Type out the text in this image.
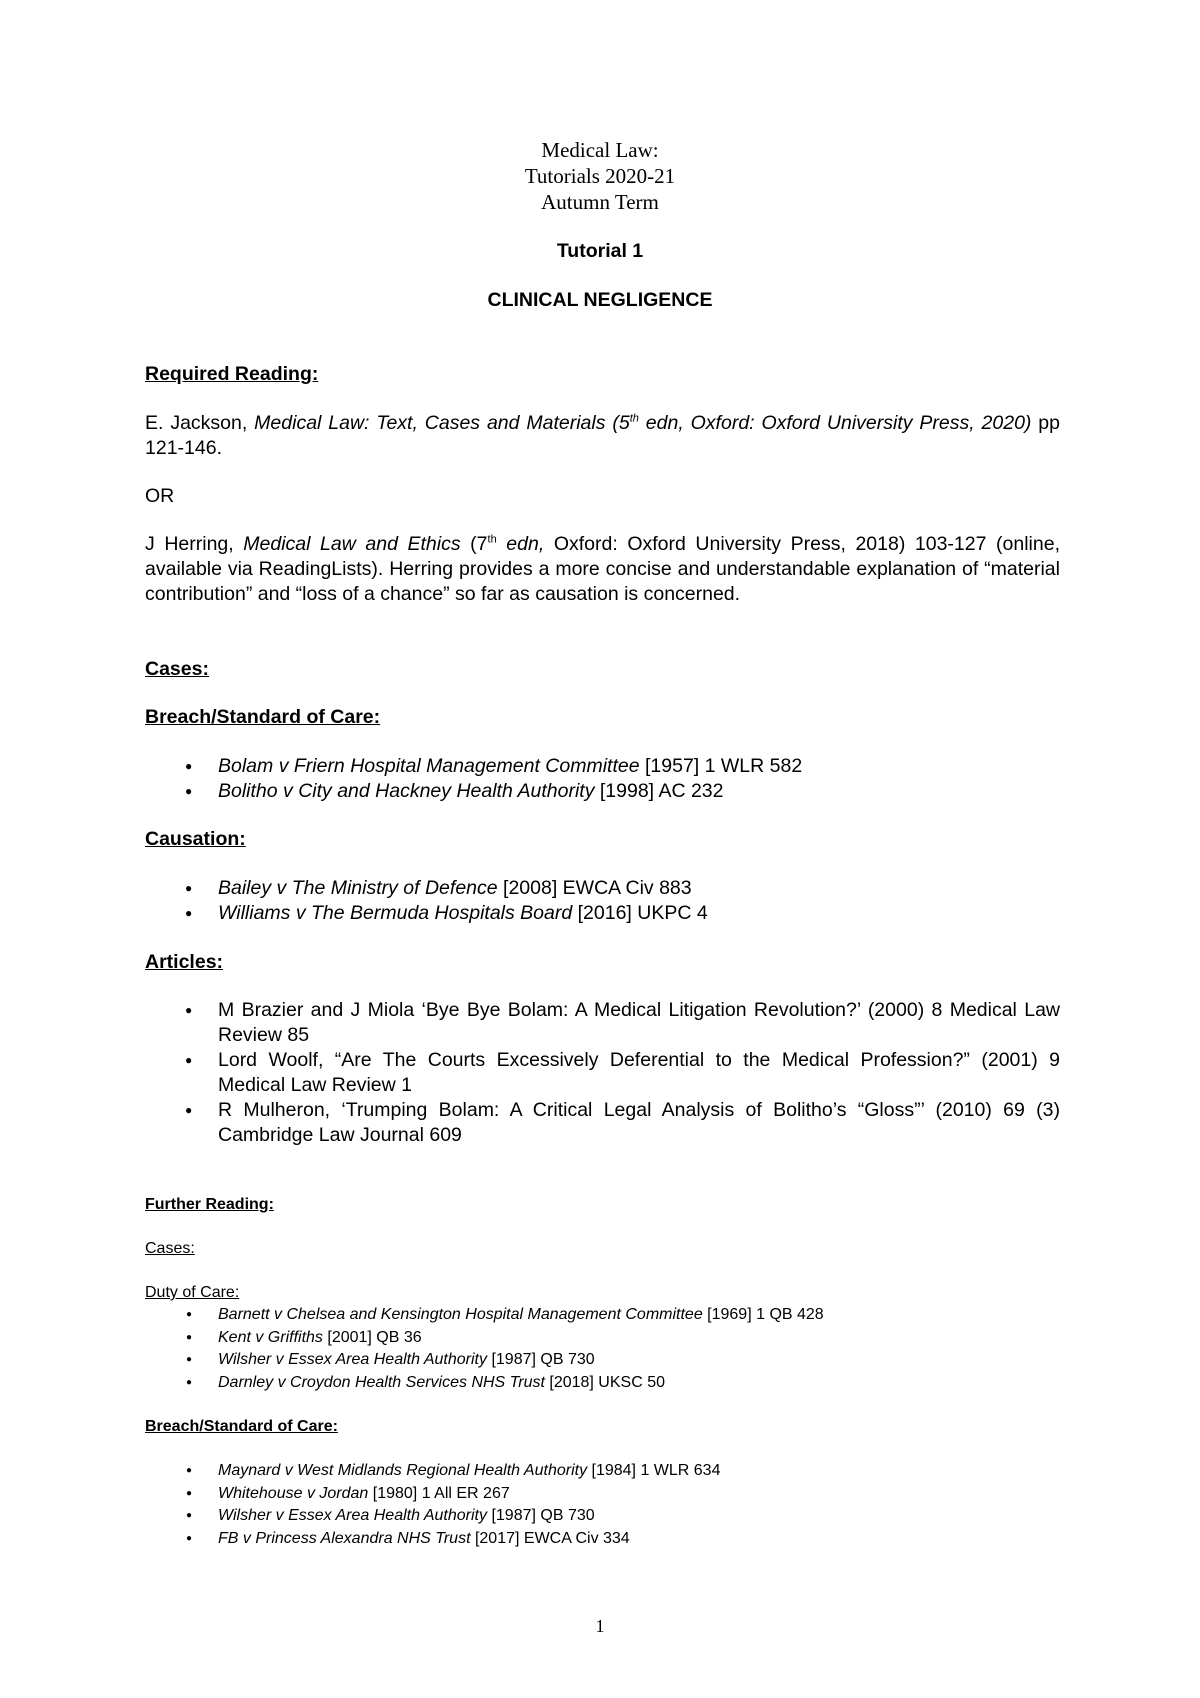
Medical Law:
Tutorials 2020-21
Autumn Term
Tutorial 1
CLINICAL NEGLIGENCE

Required Reading:

E. Jackson, Medical Law: Text, Cases and Materials (5th edn, Oxford: Oxford University Press, 2020) pp 121-146.

OR

J Herring, Medical Law and Ethics (7th edn, Oxford: Oxford University Press, 2018) 103-127 (online, available via ReadingLists). Herring provides a more concise and understandable explanation of “material contribution” and “loss of a chance” so far as causation is concerned.

Cases:

Breach/Standard of Care:

● Bolam v Friern Hospital Management Committee [1957] 1 WLR 582
● Bolitho v City and Hackney Health Authority [1998] AC 232

Causation:

● Bailey v The Ministry of Defence [2008] EWCA Civ 883
● Williams v The Bermuda Hospitals Board [2016] UKPC 4

Articles:

● M Brazier and J Miola ‘Bye Bye Bolam: A Medical Litigation Revolution?’ (2000) 8 Medical Law Review 85
● Lord Woolf, “Are The Courts Excessively Deferential to the Medical Profession?” (2001) 9 Medical Law Review 1
● R Mulheron, ‘Trumping Bolam: A Critical Legal Analysis of Bolitho’s “Gloss”’ (2010) 69 (3) Cambridge Law Journal 609

Further Reading:

Cases:

Duty of Care:

● Barnett v Chelsea and Kensington Hospital Management Committee [1969] 1 QB 428
● Kent v Griffiths [2001] QB 36
● Wilsher v Essex Area Health Authority [1987] QB 730
● Darnley v Croydon Health Services NHS Trust [2018] UKSC 50

Breach/Standard of Care:

● Maynard v West Midlands Regional Health Authority [1984] 1 WLR 634
● Whitehouse v Jordan [1980] 1 All ER 267
● Wilsher v Essex Area Health Authority [1987] QB 730
● FB v Princess Alexandra NHS Trust [2017] EWCA Civ 334
1
